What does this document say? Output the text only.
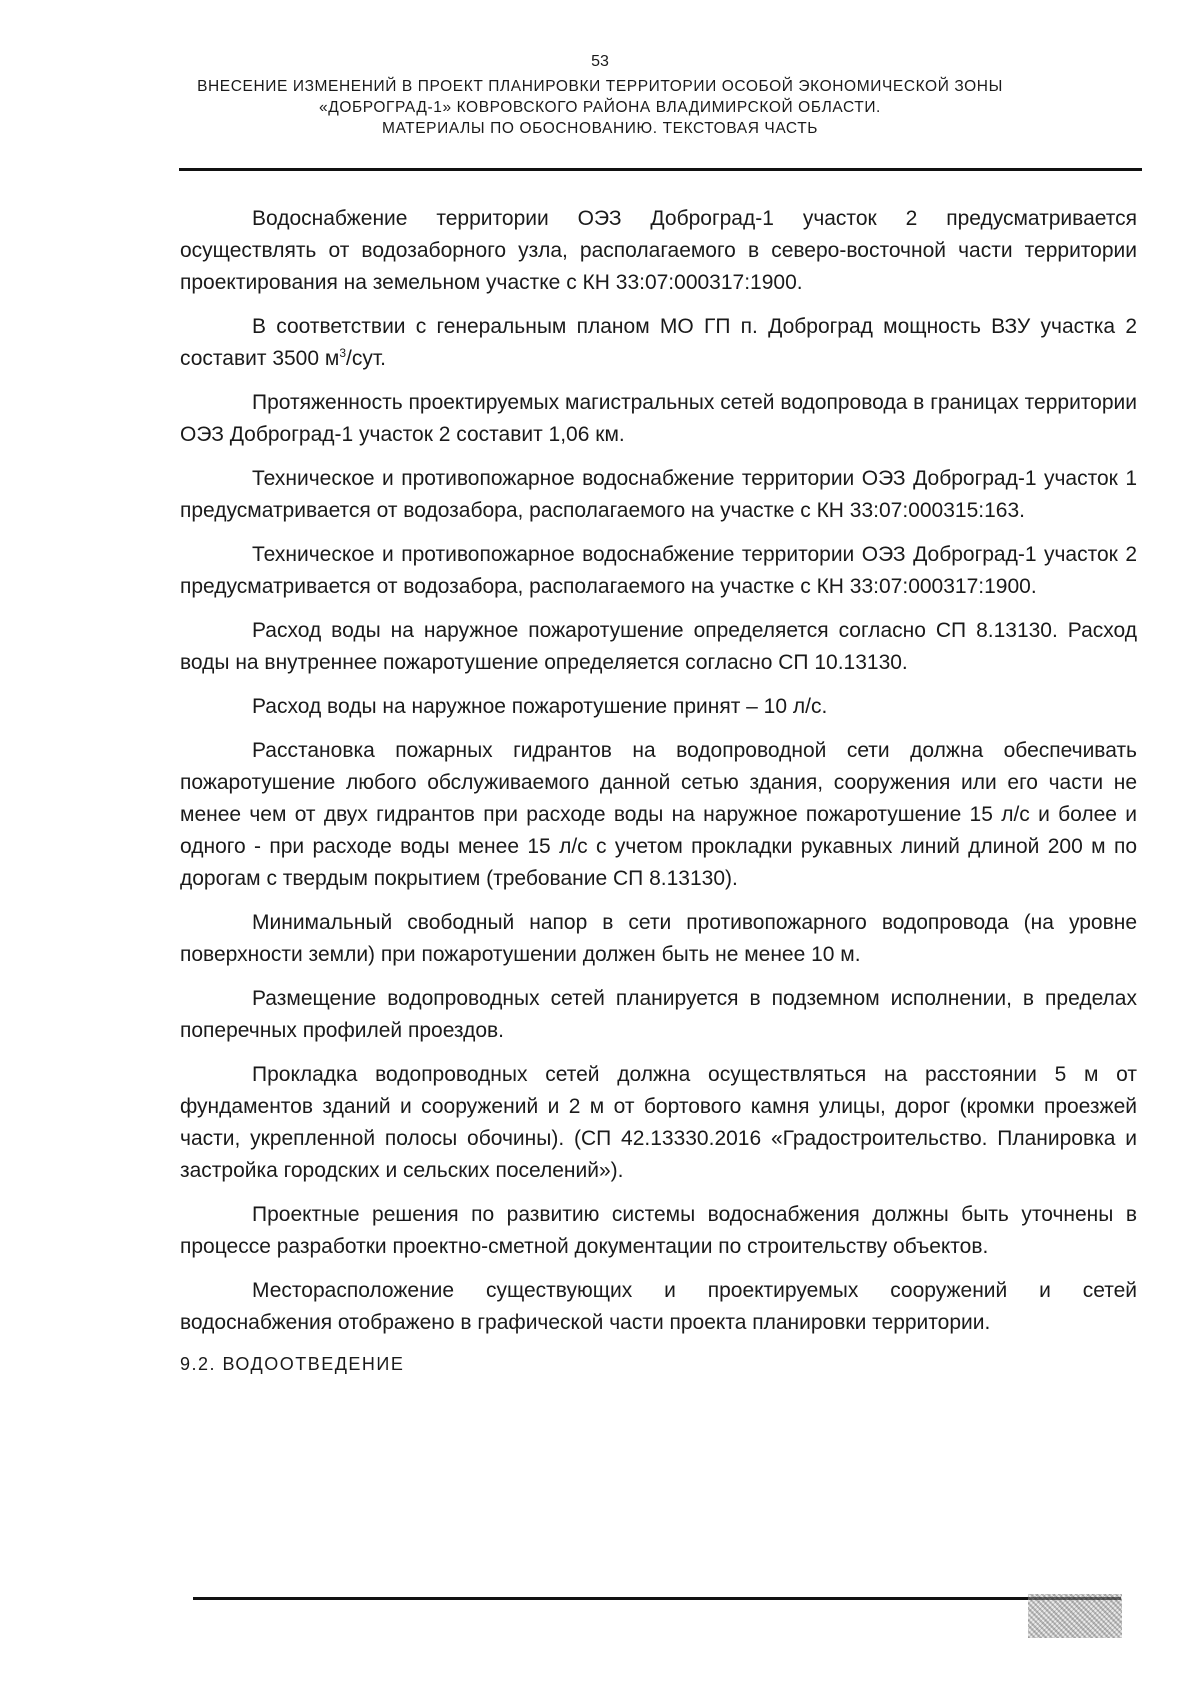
53
ВНЕСЕНИЕ ИЗМЕНЕНИЙ В ПРОЕКТ ПЛАНИРОВКИ ТЕРРИТОРИИ ОСОБОЙ ЭКОНОМИЧЕСКОЙ ЗОНЫ
«ДОБРОГРАД-1» КОВРОВСКОГО РАЙОНА ВЛАДИМИРСКОЙ ОБЛАСТИ.
МАТЕРИАЛЫ ПО ОБОСНОВАНИЮ. ТЕКСТОВАЯ ЧАСТЬ

Водоснабжение территории ОЭЗ Доброград-1 участок 2 предусматривается осуществлять от водозаборного узла, располагаемого в северо-восточной части территории проектирования на земельном участке с КН 33:07:000317:1900.

В соответствии с генеральным планом МО ГП п. Доброград мощность ВЗУ участка 2 составит 3500 $м^3$/сут.

Протяженность проектируемых магистральных сетей водопровода в границах территории ОЭЗ Доброград-1 участок 2 составит 1,06 км.

Техническое и противопожарное водоснабжение территории ОЭЗ Доброград-1 участок 1 предусматривается от водозабора, располагаемого на участке с КН 33:07:000315:163.

Техническое и противопожарное водоснабжение территории ОЭЗ Доброград-1 участок 2 предусматривается от водозабора, располагаемого на участке с КН 33:07:000317:1900.

Расход воды на наружное пожаротушение определяется согласно СП 8.13130. Расход воды на внутреннее пожаротушение определяется согласно СП 10.13130.

Расход воды на наружное пожаротушение принят – 10 л/с.

Расстановка пожарных гидрантов на водопроводной сети должна обеспечивать пожаротушение любого обслуживаемого данной сетью здания, сооружения или его части не менее чем от двух гидрантов при расходе воды на наружное пожаротушение 15 л/с и более и одного - при расходе воды менее 15 л/с с учетом прокладки рукавных линий длиной 200 м по дорогам с твердым покрытием (требование СП 8.13130).

Минимальный свободный напор в сети противопожарного водопровода (на уровне поверхности земли) при пожаротушении должен быть не менее 10 м.

Размещение водопроводных сетей планируется в подземном исполнении, в пределах поперечных профилей проездов.

Прокладка водопроводных сетей должна осуществляться на расстоянии 5 м от фундаментов зданий и сооружений и 2 м от бортового камня улицы, дорог (кромки проезжей части, укрепленной полосы обочины). (СП 42.13330.2016 «Градостроительство. Планировка и застройка городских и сельских поселений»).

Проектные решения по развитию системы водоснабжения должны быть уточнены в процессе разработки проектно-сметной документации по строительству объектов.

Месторасположение существующих и проектируемых сооружений и сетей водоснабжения отображено в графической части проекта планировки территории.

9.2. ВОДООТВЕДЕНИЕ
